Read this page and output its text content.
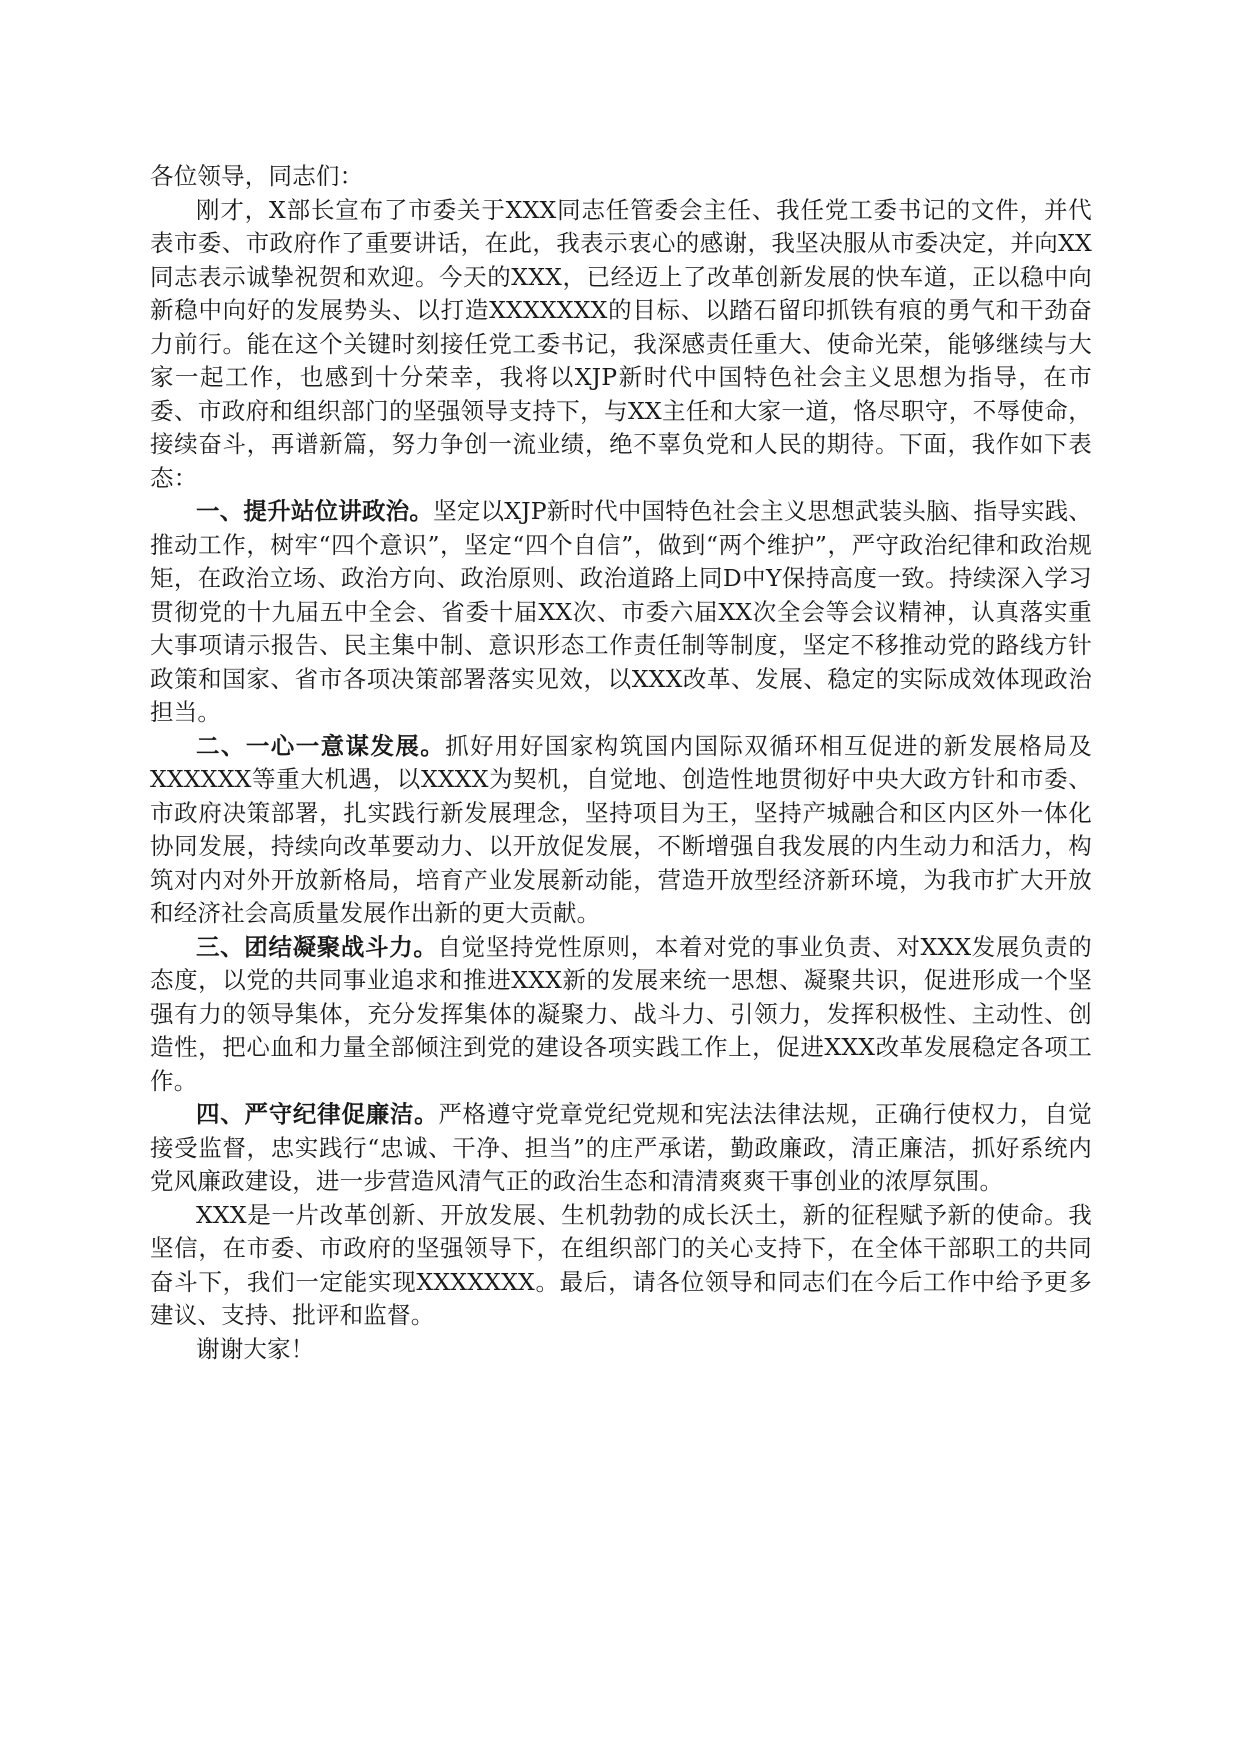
各位领导，同志们：

刚才，X部长宣布了市委关于XXX同志任管委会主任、我任党工委书记的文件，并代表市委、市政府作了重要讲话，在此，我表示衷心的感谢，我坚决服从市委决定，并向XX同志表示诚挚祝贺和欢迎。今天的XXX，已经迈上了改革创新发展的快车道，正以稳中向新稳中向好的发展势头、以打造XXXXXXX的目标、以踏石留印抓铁有痕的勇气和干劲奋力前行。能在这个关键时刻接任党工委书记，我深感责任重大、使命光荣，能够继续与大家一起工作，也感到十分荣幸，我将以XJP新时代中国特色社会主义思想为指导，在市委、市政府和组织部门的坚强领导支持下，与XX主任和大家一道，恪尽职守，不辱使命，接续奋斗，再谱新篇，努力争创一流业绩，绝不辜负党和人民的期待。下面，我作如下表态：

一、提升站位讲政治。坚定以XJP新时代中国特色社会主义思想武装头脑、指导实践、推动工作，树牢“四个意识”，坚定“四个自信”，做到“两个维护”，严守政治纪律和政治规矩，在政治立场、政治方向、政治原则、政治道路上同D中Y保持高度一致。持续深入学习贯彻党的十九届五中全会、省委十届XX次、市委六届XX次全会等会议精神，认真落实重大事项请示报告、民主集中制、意识形态工作责任制等制度，坚定不移推动党的路线方针政策和国家、省市各项决策部署落实见效，以XXX改革、发展、稳定的实际成效体现政治担当。

二、一心一意谋发展。抓好用好国家构筑国内国际双循环相互促进的新发展格局及XXXXXX等重大机遇，以XXXX为契机，自觉地、创造性地贯彻好中央大政方针和市委、市政府决策部署，扎实践行新发展理念，坚持项目为王，坚持产城融合和区内区外一体化协同发展，持续向改革要动力、以开放促发展，不断增强自我发展的内生动力和活力，构筑对内对外开放新格局，培育产业发展新动能，营造开放型经济新环境，为我市扩大开放和经济社会高质量发展作出新的更大贡献。

三、团结凝聚战斗力。自觉坚持党性原则，本着对党的事业负责、对XXX发展负责的态度，以党的共同事业追求和推进XXX新的发展来统一思想、凝聚共识，促进形成一个坚强有力的领导集体，充分发挥集体的凝聚力、战斗力、引领力，发挥积极性、主动性、创造性，把心血和力量全部倾注到党的建设各项实践工作上，促进XXX改革发展稳定各项工作。

四、严守纪律促廉洁。严格遵守党章党纪党规和宪法法律法规，正确行使权力，自觉接受监督，忠实践行“忠诚、干净、担当”的庄严承诺，勤政廉政，清正廉洁，抓好系统内党风廉政建设，进一步营造风清气正的政治生态和清清爽爽干事创业的浓厚氛围。

XXX是一片改革创新、开放发展、生机勃勃的成长沃土，新的征程赋予新的使命。我坚信，在市委、市政府的坚强领导下，在组织部门的关心支持下，在全体干部职工的共同奋斗下，我们一定能实现XXXXXXX。最后，请各位领导和同志们在今后工作中给予更多建议、支持、批评和监督。

谢谢大家！
